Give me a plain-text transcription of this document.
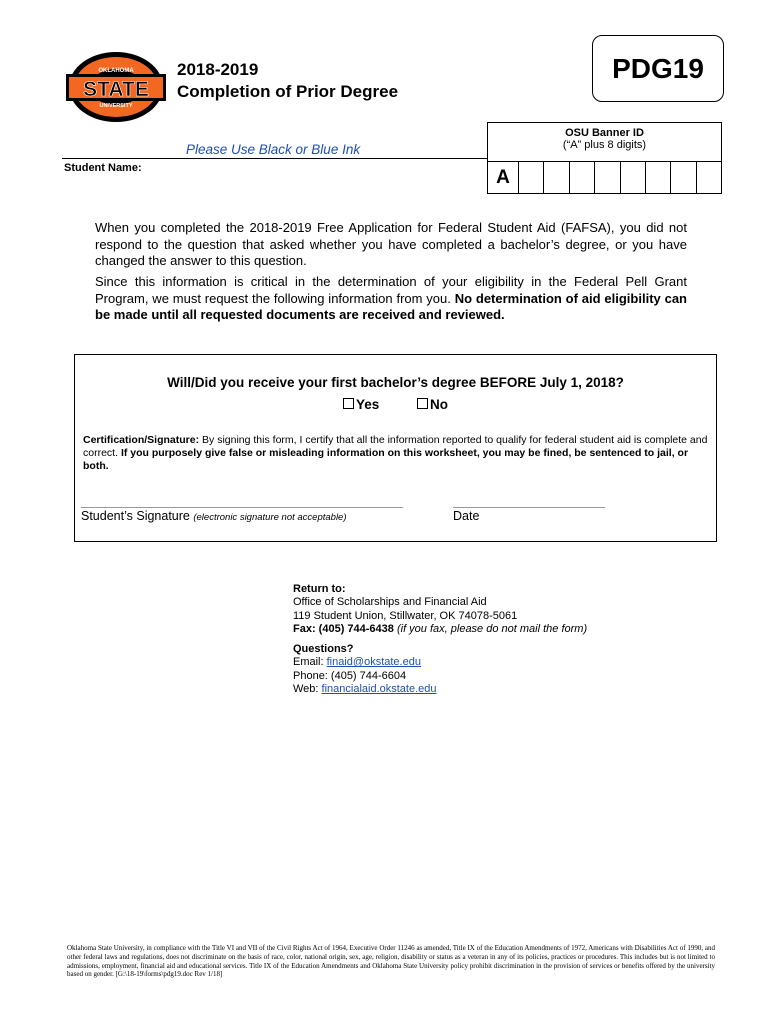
OKLAHOMA
STATE
UNIVERSITY
2018-2019
Completion of Prior Degree
PDG19
Please Use Black or Blue Ink
OSU Banner ID
(“A” plus 8 digits)
A
Student Name:
When you completed the 2018-2019 Free Application for Federal Student Aid (FAFSA), you did not respond to the question that asked whether you have completed a bachelor’s degree, or you have changed the answer to this question.
Since this information is critical in the determination of your eligibility in the Federal Pell Grant Program, we must request the following information from you. No determination of aid eligibility can be made until all requested documents are received and reviewed.
Will/Did you receive your first bachelor’s degree BEFORE July 1, 2018?
Yes	No
Certification/Signature: By signing this form, I certify that all the information reported to qualify for federal student aid is complete and correct. If you purposely give false or misleading information on this worksheet, you may be fined, be sentenced to jail, or both.
Student’s Signature (electronic signature not acceptable)	Date
Return to:
Office of Scholarships and Financial Aid
119 Student Union, Stillwater, OK 74078-5061
Fax: (405) 744-6438 (if you fax, please do not mail the form)
Questions?
Email: finaid@okstate.edu
Phone: (405) 744-6604
Web: financialaid.okstate.edu
Oklahoma State University, in compliance with the Title VI and VII of the Civil Rights Act of 1964, Executive Order 11246 as amended, Title IX of the Education Amendments of 1972, Americans with Disabilities Act of 1990, and other federal laws and regulations, does not discriminate on the basis of race, color, national origin, sex, age, religion, disability or status as a veteran in any of its policies, practices or procedures. This includes but is not limited to admissions, employment, financial aid and educational services. Title IX of the Education Amendments and Oklahoma State University policy prohibit discrimination in the provision of services or benefits offered by the university based on gender. [G:\18-19\forms\pdg19.doc Rev 1/18]
